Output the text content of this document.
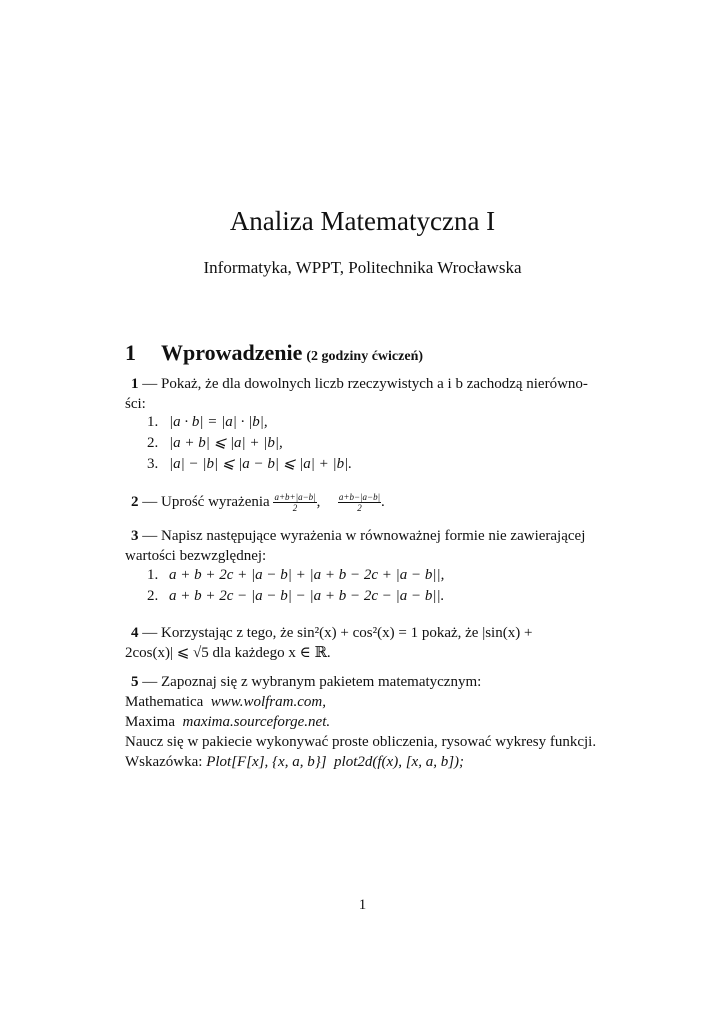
Analiza Matematyczna I
Informatyka, WPPT, Politechnika Wrocławska
1 Wprowadzenie (2 godziny ćwiczeń)
1 — Pokaż, że dla dowolnych liczb rzeczywistych a i b zachodzą nierówno-
ści:
1. |a · b| = |a| · |b|,
2. |a + b| ⩽ |a| + |b|,
3. |a| − |b| ⩽ |a − b| ⩽ |a| + |b|.
2 — Uprość wyrażenia $\frac{a+b+|a-b|}{2}$ , $\frac{a+b-|a-b|}{2}$ .
3 — Napisz następujące wyrażenia w równoważnej formie nie zawierającej
wartości bezwzględnej:
1. a + b + 2c + |a − b| + |a + b − 2c + |a − b||,
2. a + b + 2c − |a − b| − |a + b − 2c − |a − b||.
4 — Korzystając z tego, że sin²(x) + cos²(x) = 1 pokaż, że |sin(x) +
2cos(x)| ⩽ √5 dla każdego x ∈ ℝ.
5 — Zapoznaj się z wybranym pakietem matematycznym:
Mathematica www.wolfram.com,
Maxima maxima.sourceforge.net.
Naucz się w pakiecie wykonywać proste obliczenia, rysować wykresy funkcji.
Wskazówka: Plot[F[x], {x, a, b}] plot2d(f(x), [x, a, b]);
1
